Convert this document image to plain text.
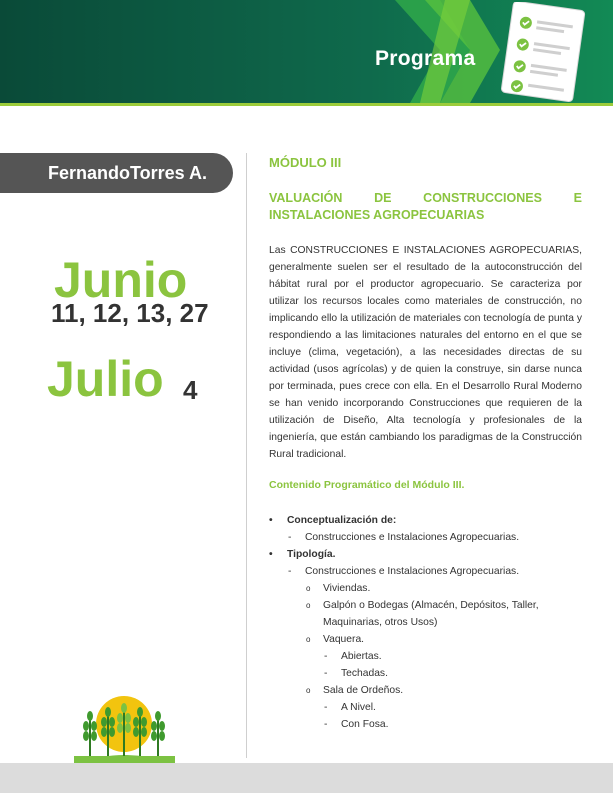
Programa
FernandoTorres A.
Junio
11, 12, 13, 27
Julio 4
MÓDULO III
VALUACIÓN	DE	CONSTRUCCIONES	E
INSTALACIONES AGROPECUARIAS

Las CONSTRUCCIONES E INSTALACIONES AGROPECUARIAS, generalmente suelen ser el resultado de la autoconstrucción del hábitat rural por el productor agropecuario. Se caracteriza por utilizar los recursos locales como materiales de construcción, no implicando ello la utilización de materiales con tecnología de punta y respondiendo a las limitaciones naturales del entorno en el que se incluye (clima, vegetación), a las necesidades directas de su actividad (usos agrícolas) y de quien la construye, sin darse nunca por terminada, pues crece con ella. En el Desarrollo Rural Moderno se han venido incorporando Construcciones que requieren de la utilización de Diseño, Alta tecnología y profesionales de la ingeniería, que están cambiando los paradigmas de la Construcción Rural tradicional.

Contenido Programático del Módulo III.
• Conceptualización de:
- Construcciones e Instalaciones Agropecuarias.
• Tipología.
- Construcciones e Instalaciones Agropecuarias.
o Viviendas.
o Galpón o Bodegas (Almacén, Depósitos, Taller, Maquinarias, otros Usos)
o Vaquera.
- Abiertas.
- Techadas.
o Sala de Ordeños.
- A Nivel.
- Con Fosa.
